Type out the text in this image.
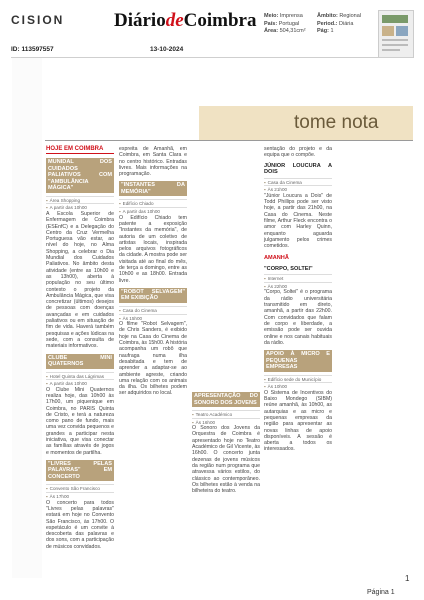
CISION	DiáriodeCoimbra Meio: Imprensa
País: Portugal
Área: 504,31cm²
Âmbito: Regional
Period.: Diária
Pág: 1
ID: 113597557	13-10-2024
tome nota
HOJE EM COIMBRA
MUNIDAL DOS CUIDADOS PALIATIVOS COM "AMBULÂNCIA MÁGICA"
▪ Área Shopping
▪ A partir das 10h00

A Escola Superior de Enfermagem de Coimbra (ESEnfC) e a Delegação do Centro da Cruz Vermelha Portuguesa vão estar, ao nível do hoje, no Alma Shopping, a celebrar o Dia Mundial dos Cuidados Paliativos. No âmbito desta atividade (entre as 10h00 e as 13h00), aberta à população no seu último contexto o projeto da Ambulância Mágica, que visa concretizar (últimos) desejos de pessoas com doenças avançadas e em cuidados paliativos ou em situação de fim de vida. Haverá também pesquisas e ações lúdicas na sede, com a consulta de materiais informativos.

CLUBE MINI QUATERNOS
▪ Hotel Quinta das Lágrimas
▪ A partir das 10h00

O Clube Mini Quaternos realiza hoje, das 10h00 às 17h00, um piquenique em Coimbra, no PARIS Quinta de Cristo, e terá a natureza como pano de fundo, mais uma vez convida pequenos e grandes a participar nesta iniciativa, que visa conectar as famílias através de jogos e momentos de partilha.

"LIVRES PELAS PALAVRAS" EM CONCERTO
▪ Convento São Francisco
▪ Às 17h00

O concerto para todos "Livres pelas palavras" estará em hoje no Convento São Francisco, às 17h00. O espetáculo é um convite à descoberta das palavras e dos sons, com a participação de músicos convidados.

espreita de Amanhã, em Coimbra, em Santa Clara e no centro histórico. Entradas livres. Mais informações na programação.

"INSTANTES DA MEMÓRIA"
▪ Edifício Chiado
▪ A partir das 10h00

O Edifício Chiado tem patente a exposição "Instantes da memória", de autoria de um coletivo de artistas locais, inspirada pelos arquivos fotográficos da cidade. A mostra pode ser visitada até ao final do mês, de terça a domingo, entre as 10h00 e as 18h00. Entrada livre.

"ROBOT SELVAGEM" EM EXIBIÇÃO
▪ Casa do Cinema
▪ Às 15h00

O filme "Robot Selvagem", de Chris Sanders, é exibido hoje na Casa do Cinema de Coimbra, às 15h00. A história acompanha um robô que naufraga numa ilha desabitada e tem de aprender a adaptar-se ao ambiente agreste, criando uma relação com os animais da ilha. Os bilhetes podem ser adquiridos no local.	APRESENTAÇÃO DO SONORO DOS JOVENS
▪ Teatro Académico
▪ Às 16h00

O Sonoro dos Jovens da Orquestra de Coimbra é apresentado hoje no Teatro Académico de Gil Vicente, às 16h00. O concerto junta dezenas de jovens músicos da região num programa que atravessa vários estilos, do clássico ao contemporâneo. Os bilhetes estão à venda na bilheteira do teatro.

sentação do projeto e da equipa que o compõe.

JÚNIOR LOUCURA A DOIS
▪ Casa da Cinema
▪ Às 21h00

"Júnior Loucura a Dois" de Todd Phillips pode ser visto hoje, a partir das 21h00, na Casa do Cinema. Neste filme, Arthur Fleck encontra o amor com Harley Quinn, enquanto aguarda julgamento pelos crimes cometidos.

AMANHÃ
"CORPO, SOLTEI"
▪ Internet
▪ Às 22h00

"Corpo, Soltei" é o programa da rádio universitária transmitido em direto, amanhã, a partir das 22h00. Com convidados que falam de corpo e liberdade, a emissão pode ser ouvida online e nos canais habituais da rádio.

APOIO À MICRO E PEQUENAS EMPRESAS
▪ Edifício sede do Município
▪ Às 10h00

O Sistema de Incentivos do Baixo Mondego (SIBM) reúne amanhã, às 10h00, as autarquias e as micro e pequenas empresas da região para apresentar as novas linhas de apoio disponíveis. A sessão é aberta a todos os interessados.

1
Página 1
